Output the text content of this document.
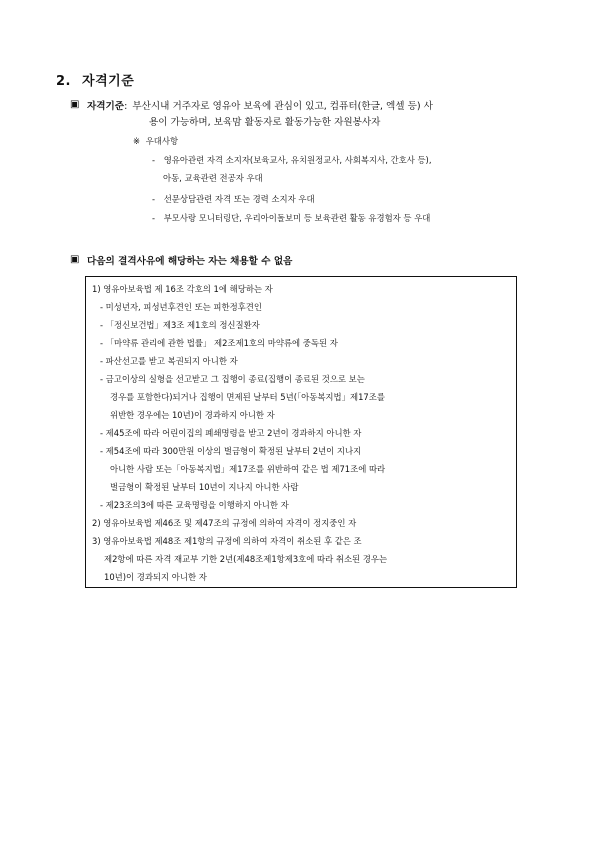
2. 자격기준
▣ 자격기준: 부산시내 거주자로 영유아 보육에 관심이 있고, 컴퓨터(한글, 엑셀 등) 사
용이 가능하며, 보육맘 활동자로 활동가능한 자원봉사자
※ 우대사항
- 영유아관련 자격 소지자(보육교사, 유치원정교사, 사회복지사, 간호사 등),
아동, 교육관련 전공자 우대
- 선문상담관련 자격 또는 경력 소지자 우대
- 부모사랑 모니터링단, 우리아이돌보미 등 보육관련 활동 유경험자 등 우대
▣ 다음의 결격사유에 해당하는 자는 채용할 수 없음
1) 영유아보육법 제 16조 각호의 1에 해당하는 자
- 미성년자, 피성년후견인 또는 피한정후견인
- 「정신보건법」제3조 제1호의 정신질환자
- 「마약류 관리에 관한 법률」 제2조제1호의 마약류에 중독된 자
- 파산선고를 받고 복권되지 아니한 자
- 금고이상의 실형을 선고받고 그 집행이 종료(집행이 종료된 것으로 보는
경우를 포함한다)되거나 집행이 면제된 날부터 5년(「아동복지법」제17조를
위반한 경우에는 10년)이 경과하지 아니한 자
- 제45조에 따라 어린이집의 폐쇄명령을 받고 2년이 경과하지 아니한 자
- 제54조에 따라 300만원 이상의 벌금형이 확정된 날부터 2년이 지나지
아니한 사람 또는「아동복지법」제17조를 위반하여 같은 법 제71조에 따라
벌금형이 확정된 날부터 10년이 지나지 아니한 사람
- 제23조의3에 따른 교육명령을 이행하지 아니한 자
2) 영유아보육법 제46조 및 제47조의 규정에 의하여 자격이 정지중인 자
3) 영유아보육법 제48조 제1항의 규정에 의하여 자격이 취소된 후 같은 조
제2항에 따른 자격 재교부 기한 2년(제48조제1항제3호에 따라 취소된 경우는
10년)이 경과되지 아니한 자
